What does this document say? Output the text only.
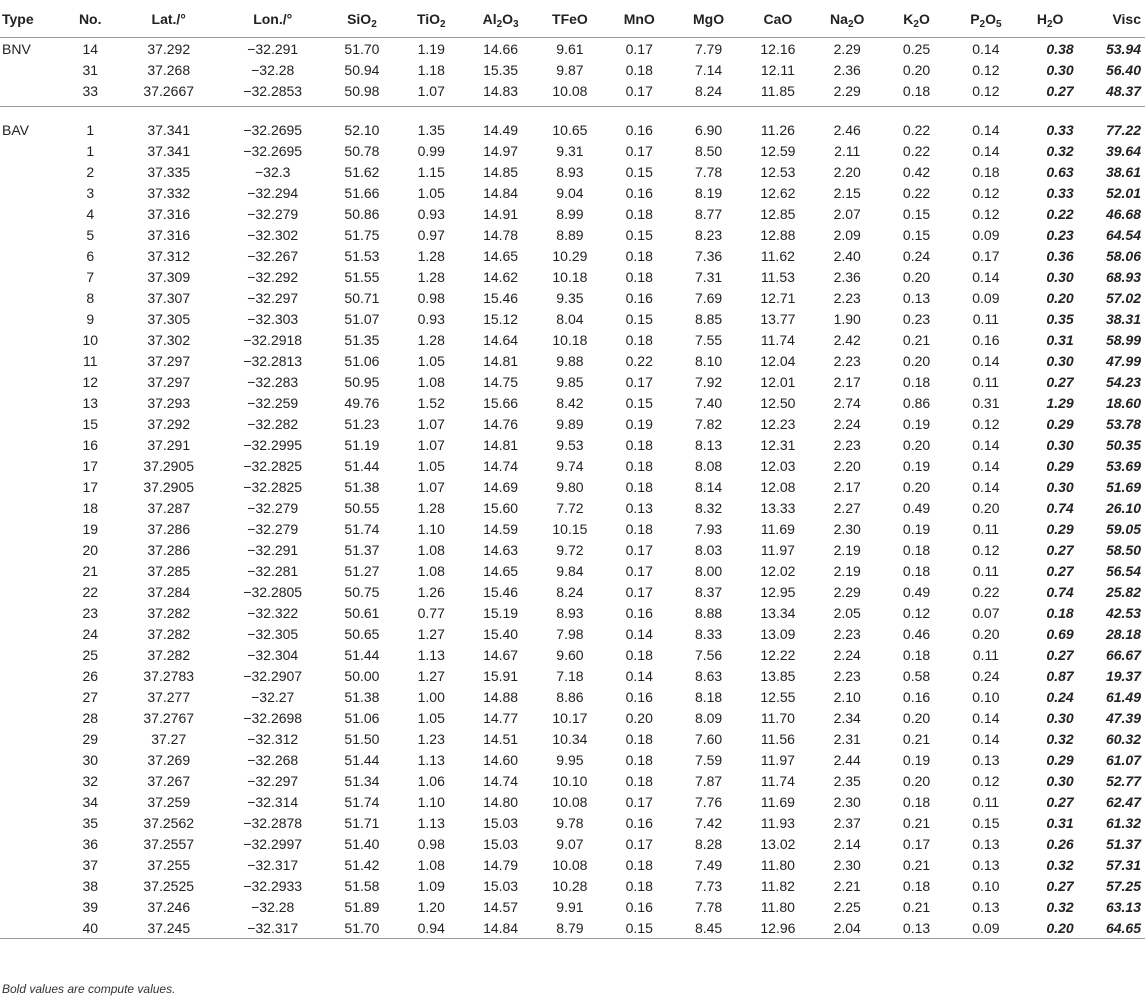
Type	No.	Lat./°	Lon./°	SiO$_2$	TiO$_2$	$Al_2O_3$	TFeO	MnO	MgO	CaO	$Na_2O$	$K_2O$	$P_2O_5$	$H_2O$	Visc
BNV	14	37.292	−32.291	51.70	1.19	14.66	9.61	0.17	7.79	12.16	2.29	0.25	0.14	0.38	53.94
	31	37.268	−32.28	50.94	1.18	15.35	9.87	0.18	7.14	12.11	2.36	0.20	0.12	0.30	56.40
	33	37.2667	−32.2853	50.98	1.07	14.83	10.08	0.17	8.24	11.85	2.29	0.18	0.12	0.27	48.37

BAV	1	37.341	−32.2695	52.10	1.35	14.49	10.65	0.16	6.90	11.26	2.46	0.22	0.14	0.33	77.22
	1	37.341	−32.2695	50.78	0.99	14.97	9.31	0.17	8.50	12.59	2.11	0.22	0.14	0.32	39.64
	2	37.335	−32.3	51.62	1.15	14.85	8.93	0.15	7.78	12.53	2.20	0.42	0.18	0.63	38.61
	3	37.332	−32.294	51.66	1.05	14.84	9.04	0.16	8.19	12.62	2.15	0.22	0.12	0.33	52.01
	4	37.316	−32.279	50.86	0.93	14.91	8.99	0.18	8.77	12.85	2.07	0.15	0.12	0.22	46.68
	5	37.316	−32.302	51.75	0.97	14.78	8.89	0.15	8.23	12.88	2.09	0.15	0.09	0.23	64.54
	6	37.312	−32.267	51.53	1.28	14.65	10.29	0.18	7.36	11.62	2.40	0.24	0.17	0.36	58.06
	7	37.309	−32.292	51.55	1.28	14.62	10.18	0.18	7.31	11.53	2.36	0.20	0.14	0.30	68.93
	8	37.307	−32.297	50.71	0.98	15.46	9.35	0.16	7.69	12.71	2.23	0.13	0.09	0.20	57.02
	9	37.305	−32.303	51.07	0.93	15.12	8.04	0.15	8.85	13.77	1.90	0.23	0.11	0.35	38.31
	10	37.302	−32.2918	51.35	1.28	14.64	10.18	0.18	7.55	11.74	2.42	0.21	0.16	0.31	58.99
	11	37.297	−32.2813	51.06	1.05	14.81	9.88	0.22	8.10	12.04	2.23	0.20	0.14	0.30	47.99
	12	37.297	−32.283	50.95	1.08	14.75	9.85	0.17	7.92	12.01	2.17	0.18	0.11	0.27	54.23
	13	37.293	−32.259	49.76	1.52	15.66	8.42	0.15	7.40	12.50	2.74	0.86	0.31	1.29	18.60
	15	37.292	−32.282	51.23	1.07	14.76	9.89	0.19	7.82	12.23	2.24	0.19	0.12	0.29	53.78
	16	37.291	−32.2995	51.19	1.07	14.81	9.53	0.18	8.13	12.31	2.23	0.20	0.14	0.30	50.35
	17	37.2905	−32.2825	51.44	1.05	14.74	9.74	0.18	8.08	12.03	2.20	0.19	0.14	0.29	53.69
	17	37.2905	−32.2825	51.38	1.07	14.69	9.80	0.18	8.14	12.08	2.17	0.20	0.14	0.30	51.69
	18	37.287	−32.279	50.55	1.28	15.60	7.72	0.13	8.32	13.33	2.27	0.49	0.20	0.74	26.10
	19	37.286	−32.279	51.74	1.10	14.59	10.15	0.18	7.93	11.69	2.30	0.19	0.11	0.29	59.05
	20	37.286	−32.291	51.37	1.08	14.63	9.72	0.17	8.03	11.97	2.19	0.18	0.12	0.27	58.50
	21	37.285	−32.281	51.27	1.08	14.65	9.84	0.17	8.00	12.02	2.19	0.18	0.11	0.27	56.54
	22	37.284	−32.2805	50.75	1.26	15.46	8.24	0.17	8.37	12.95	2.29	0.49	0.22	0.74	25.82
	23	37.282	−32.322	50.61	0.77	15.19	8.93	0.16	8.88	13.34	2.05	0.12	0.07	0.18	42.53
	24	37.282	−32.305	50.65	1.27	15.40	7.98	0.14	8.33	13.09	2.23	0.46	0.20	0.69	28.18
	25	37.282	−32.304	51.44	1.13	14.67	9.60	0.18	7.56	12.22	2.24	0.18	0.11	0.27	66.67
	26	37.2783	−32.2907	50.00	1.27	15.91	7.18	0.14	8.63	13.85	2.23	0.58	0.24	0.87	19.37
	27	37.277	−32.27	51.38	1.00	14.88	8.86	0.16	8.18	12.55	2.10	0.16	0.10	0.24	61.49
	28	37.2767	−32.2698	51.06	1.05	14.77	10.17	0.20	8.09	11.70	2.34	0.20	0.14	0.30	47.39
	29	37.27	−32.312	51.50	1.23	14.51	10.34	0.18	7.60	11.56	2.31	0.21	0.14	0.32	60.32
	30	37.269	−32.268	51.44	1.13	14.60	9.95	0.18	7.59	11.97	2.44	0.19	0.13	0.29	61.07
	32	37.267	−32.297	51.34	1.06	14.74	10.10	0.18	7.87	11.74	2.35	0.20	0.12	0.30	52.77
	34	37.259	−32.314	51.74	1.10	14.80	10.08	0.17	7.76	11.69	2.30	0.18	0.11	0.27	62.47
	35	37.2562	−32.2878	51.71	1.13	15.03	9.78	0.16	7.42	11.93	2.37	0.21	0.15	0.31	61.32
	36	37.2557	−32.2997	51.40	0.98	15.03	9.07	0.17	8.28	13.02	2.14	0.17	0.13	0.26	51.37
	37	37.255	−32.317	51.42	1.08	14.79	10.08	0.18	7.49	11.80	2.30	0.21	0.13	0.32	57.31
	38	37.2525	−32.2933	51.58	1.09	15.03	10.28	0.18	7.73	11.82	2.21	0.18	0.10	0.27	57.25
	39	37.246	−32.28	51.89	1.20	14.57	9.91	0.16	7.78	11.80	2.25	0.21	0.13	0.32	63.13
	40	37.245	−32.317	51.70	0.94	14.84	8.79	0.15	8.45	12.96	2.04	0.13	0.09	0.20	64.65

Bold values are compute values.
